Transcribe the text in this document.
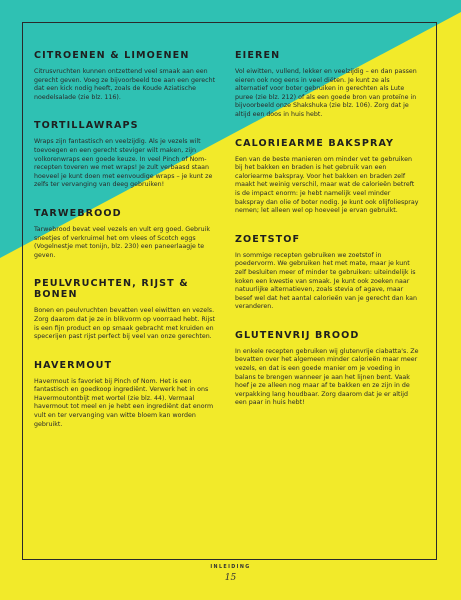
CITROENEN & LIMOENEN

Citrusvruchten kunnen ontzettend veel smaak aan een gerecht geven. Voeg ze bijvoorbeeld toe aan een gerecht dat een kick nodig heeft, zoals de Koude Aziatische noedelsalade (zie blz. 116).

TORTILLAWRAPS

Wraps zijn fantastisch en veelzijdig. Als je vezels wilt toevoegen en een gerecht steviger wilt maken, zijn volkorenwraps een goede keuze. In veel Pinch of Nom-recepten toveren we met wraps! Je zult verbaasd staan hoeveel je kunt doen met eenvoudige wraps – je kunt ze zelfs ter vervanging van deeg gebruiken!

TARWEBROOD

Tarwebrood bevat veel vezels en vult erg goed. Gebruik sneetjes of verkruimel het om vlees of Scotch eggs (Vogelnestje met tonijn, blz. 230) een paneerlaagje te geven.

PEULVRUCHTEN, RIJST & BONEN

Bonen en peulvruchten bevatten veel eiwitten en vezels. Zorg daarom dat je ze in blikvorm op voorraad hebt. Rijst is een fijn product en op smaak gebracht met kruiden en specerijen past rijst perfect bij veel van onze gerechten.

HAVERMOUT

Havermout is favoriet bij Pinch of Nom. Het is een fantastisch en goedkoop ingrediënt. Verwerk het in ons Havermoutontbijt met wortel (zie blz. 44). Vermaal havermout tot meel en je hebt een ingrediënt dat enorm vult en ter vervanging van witte bloem kan worden gebruikt.

EIEREN

Vol eiwitten, vullend, lekker en veelzijdig – en dan passen eieren ook nog eens in veel diëten. Je kunt ze als alternatief voor boter gebruiken in gerechten als Lute puree (zie blz. 212) of als een goede bron van proteïne in bijvoorbeeld onze Shakshuka (zie blz. 106). Zorg dat je altijd een doos in huis hebt.

CALORIEARME BAKSPRAY

Een van de beste manieren om minder vet te gebruiken bij het bakken en braden is het gebruik van een caloriearme bakspray. Voor het bakken en braden zelf maakt het weinig verschil, maar wat de calorieën betreft is de impact enorm: je hebt namelijk veel minder bakspray dan olie of boter nodig. Je kunt ook olijfoliespray nemen; let alleen wel op hoeveel je ervan gebruikt.

ZOETSTOF

In sommige recepten gebruiken we zoetstof in poedervorm. We gebruiken het met mate, maar je kunt zelf besluiten meer of minder te gebruiken: uiteindelijk is koken een kwestie van smaak. Je kunt ook zoeken naar natuurlijke alternatieven, zoals stevia of agave, maar besef wel dat het aantal calorieën van je gerecht dan kan veranderen.

GLUTENVRIJ BROOD

In enkele recepten gebruiken wij glutenvrije ciabatta's. Ze bevatten over het algemeen minder calorieën maar meer vezels, en dat is een goede manier om je voeding in balans te brengen wanneer je aan het lijnen bent. Vaak hoef je ze alleen nog maar af te bakken en ze zijn in de verpakking lang houdbaar. Zorg daarom dat je er altijd een paar in huis hebt!

INLEIDING
15
